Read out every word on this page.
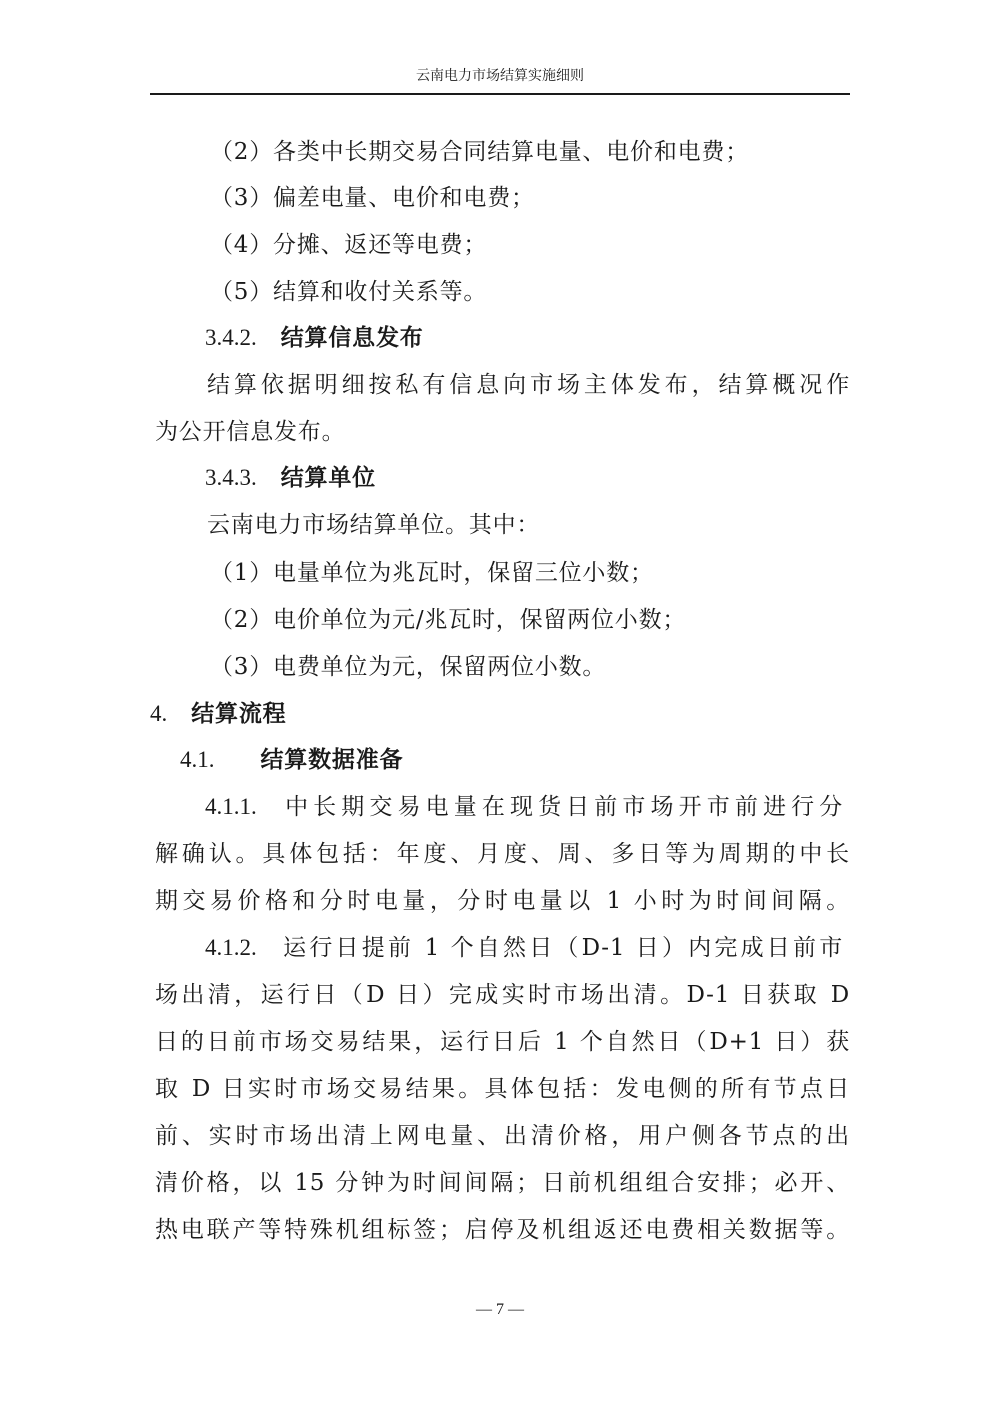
云南电力市场结算实施细则
（2）各类中长期交易合同结算电量、电价和电费；
（3）偏差电量、电价和电费；
（4）分摊、返还等电费；
（5）结算和收付关系等。
3.4.2. 结算信息发布
结算依据明细按私有信息向市场主体发布，结算概况作
为公开信息发布。
3.4.3. 结算单位
云南电力市场结算单位。其中：
（1）电量单位为兆瓦时，保留三位小数；
（2）电价单位为元/兆瓦时，保留两位小数；
（3）电费单位为元，保留两位小数。
4. 结算流程
4.1. 结算数据准备
4.1.1. 中长期交易电量在现货日前市场开市前进行分
解确认。具体包括：年度、月度、周、多日等为周期的中长
期交易价格和分时电量，分时电量以 1 小时为时间间隔。
4.1.2. 运行日提前 1 个自然日（D-1 日）内完成日前市
场出清，运行日（D 日）完成实时市场出清。D-1 日获取 D
日的日前市场交易结果，运行日后 1 个自然日（D+1 日）获
取 D 日实时市场交易结果。具体包括：发电侧的所有节点日
前、实时市场出清上网电量、出清价格，用户侧各节点的出
清价格，以 15 分钟为时间间隔；日前机组组合安排；必开、
热电联产等特殊机组标签；启停及机组返还电费相关数据等。
— 7 —
